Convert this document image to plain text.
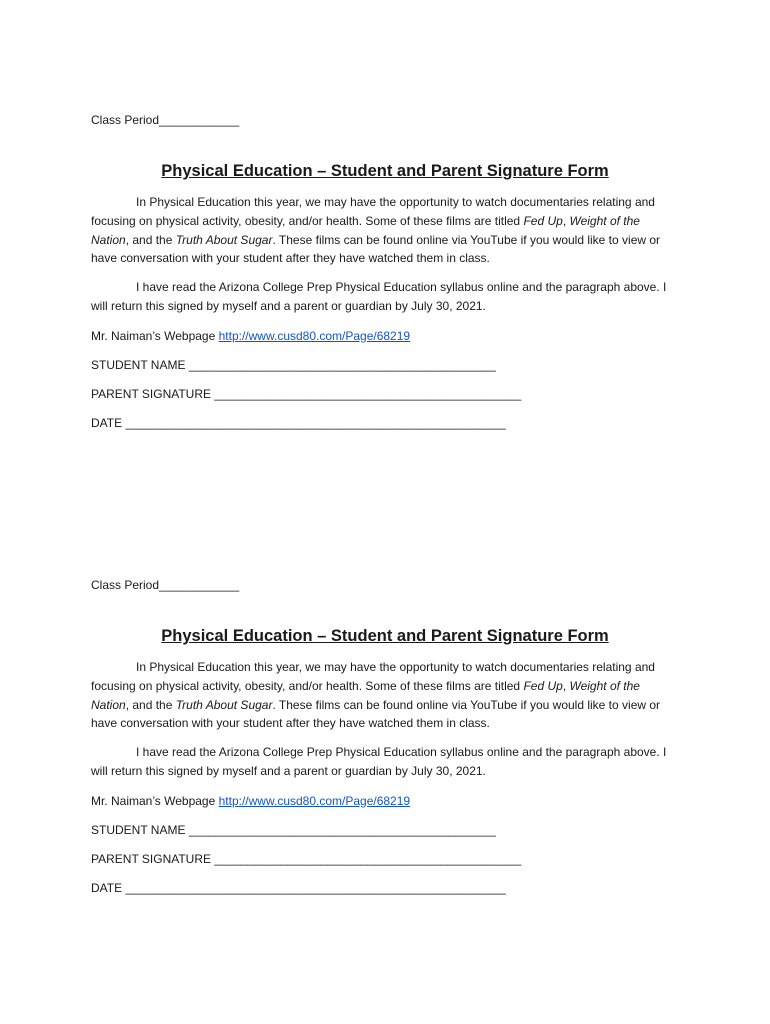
Class Period____________

Physical Education – Student and Parent Signature Form

In Physical Education this year, we may have the opportunity to watch documentaries relating and focusing on physical activity, obesity, and/or health. Some of these films are titled Fed Up, Weight of the Nation, and the Truth About Sugar. These films can be found online via YouTube if you would like to view or have conversation with your student after they have watched them in class.

I have read the Arizona College Prep Physical Education syllabus online and the paragraph above. I will return this signed by myself and a parent or guardian by July 30, 2021.

Mr. Naiman’s Webpage http://www.cusd80.com/Page/68219

STUDENT NAME ______________________________________________

PARENT SIGNATURE ______________________________________________

DATE _________________________________________________________

Class Period____________

Physical Education – Student and Parent Signature Form

In Physical Education this year, we may have the opportunity to watch documentaries relating and focusing on physical activity, obesity, and/or health. Some of these films are titled Fed Up, Weight of the Nation, and the Truth About Sugar. These films can be found online via YouTube if you would like to view or have conversation with your student after they have watched them in class.

I have read the Arizona College Prep Physical Education syllabus online and the paragraph above. I will return this signed by myself and a parent or guardian by July 30, 2021.

Mr. Naiman’s Webpage http://www.cusd80.com/Page/68219

STUDENT NAME ______________________________________________

PARENT SIGNATURE ______________________________________________

DATE _________________________________________________________
